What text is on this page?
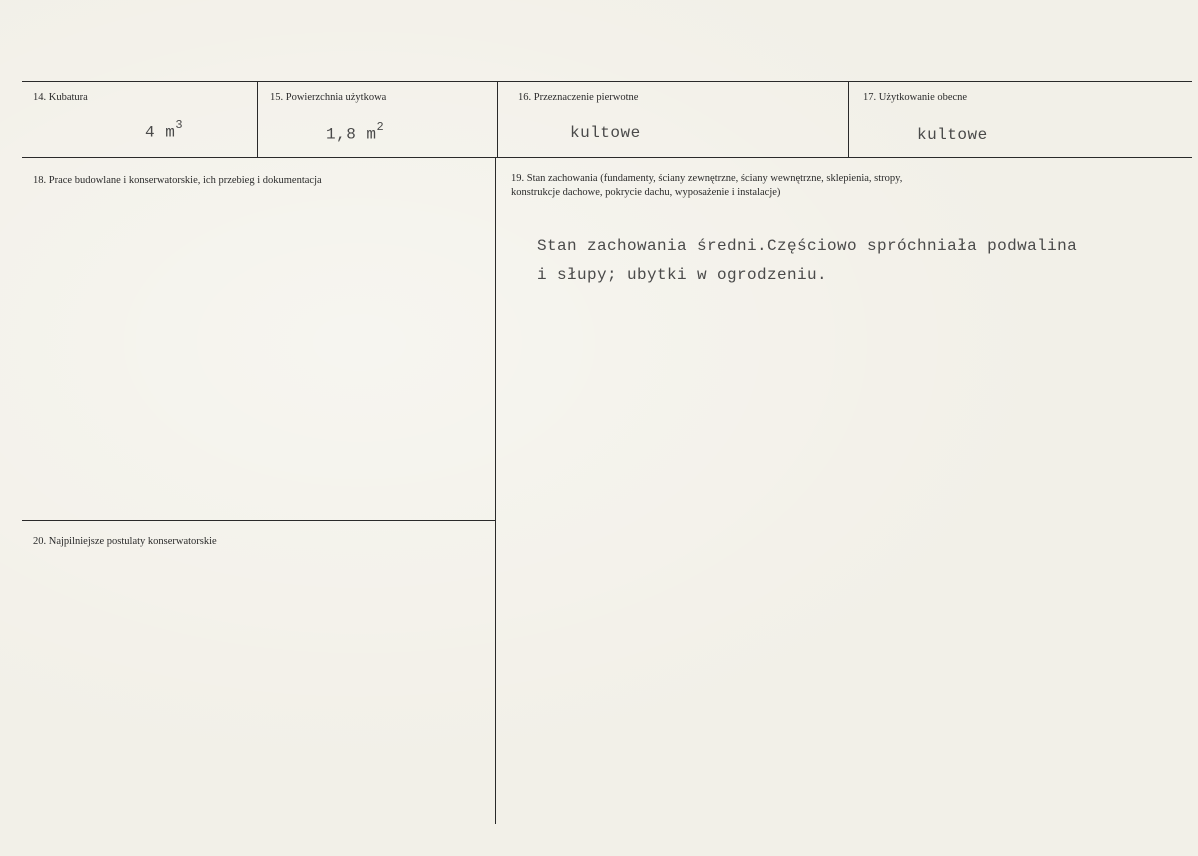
14. Kubatura
4 $m^3$
15. Powierzchnia użytkowa
1,8 $m^2$
16. Przeznaczenie pierwotne
kultowe
17. Użytkowanie obecne
kultowe
18. Prace budowlane i konserwatorskie, ich przebieg i dokumentacja	19. Stan zachowania (fundamenty, ściany zewnętrzne, ściany wewnętrzne, sklepienia, stropy,
konstrukcje dachowe, pokrycie dachu, wyposażenie i instalacje)
Stan zachowania średni.Częściowo spróchniała podwalina
i słupy; ubytki w ogrodzeniu.
20. Najpilniejsze postulaty konserwatorskie
